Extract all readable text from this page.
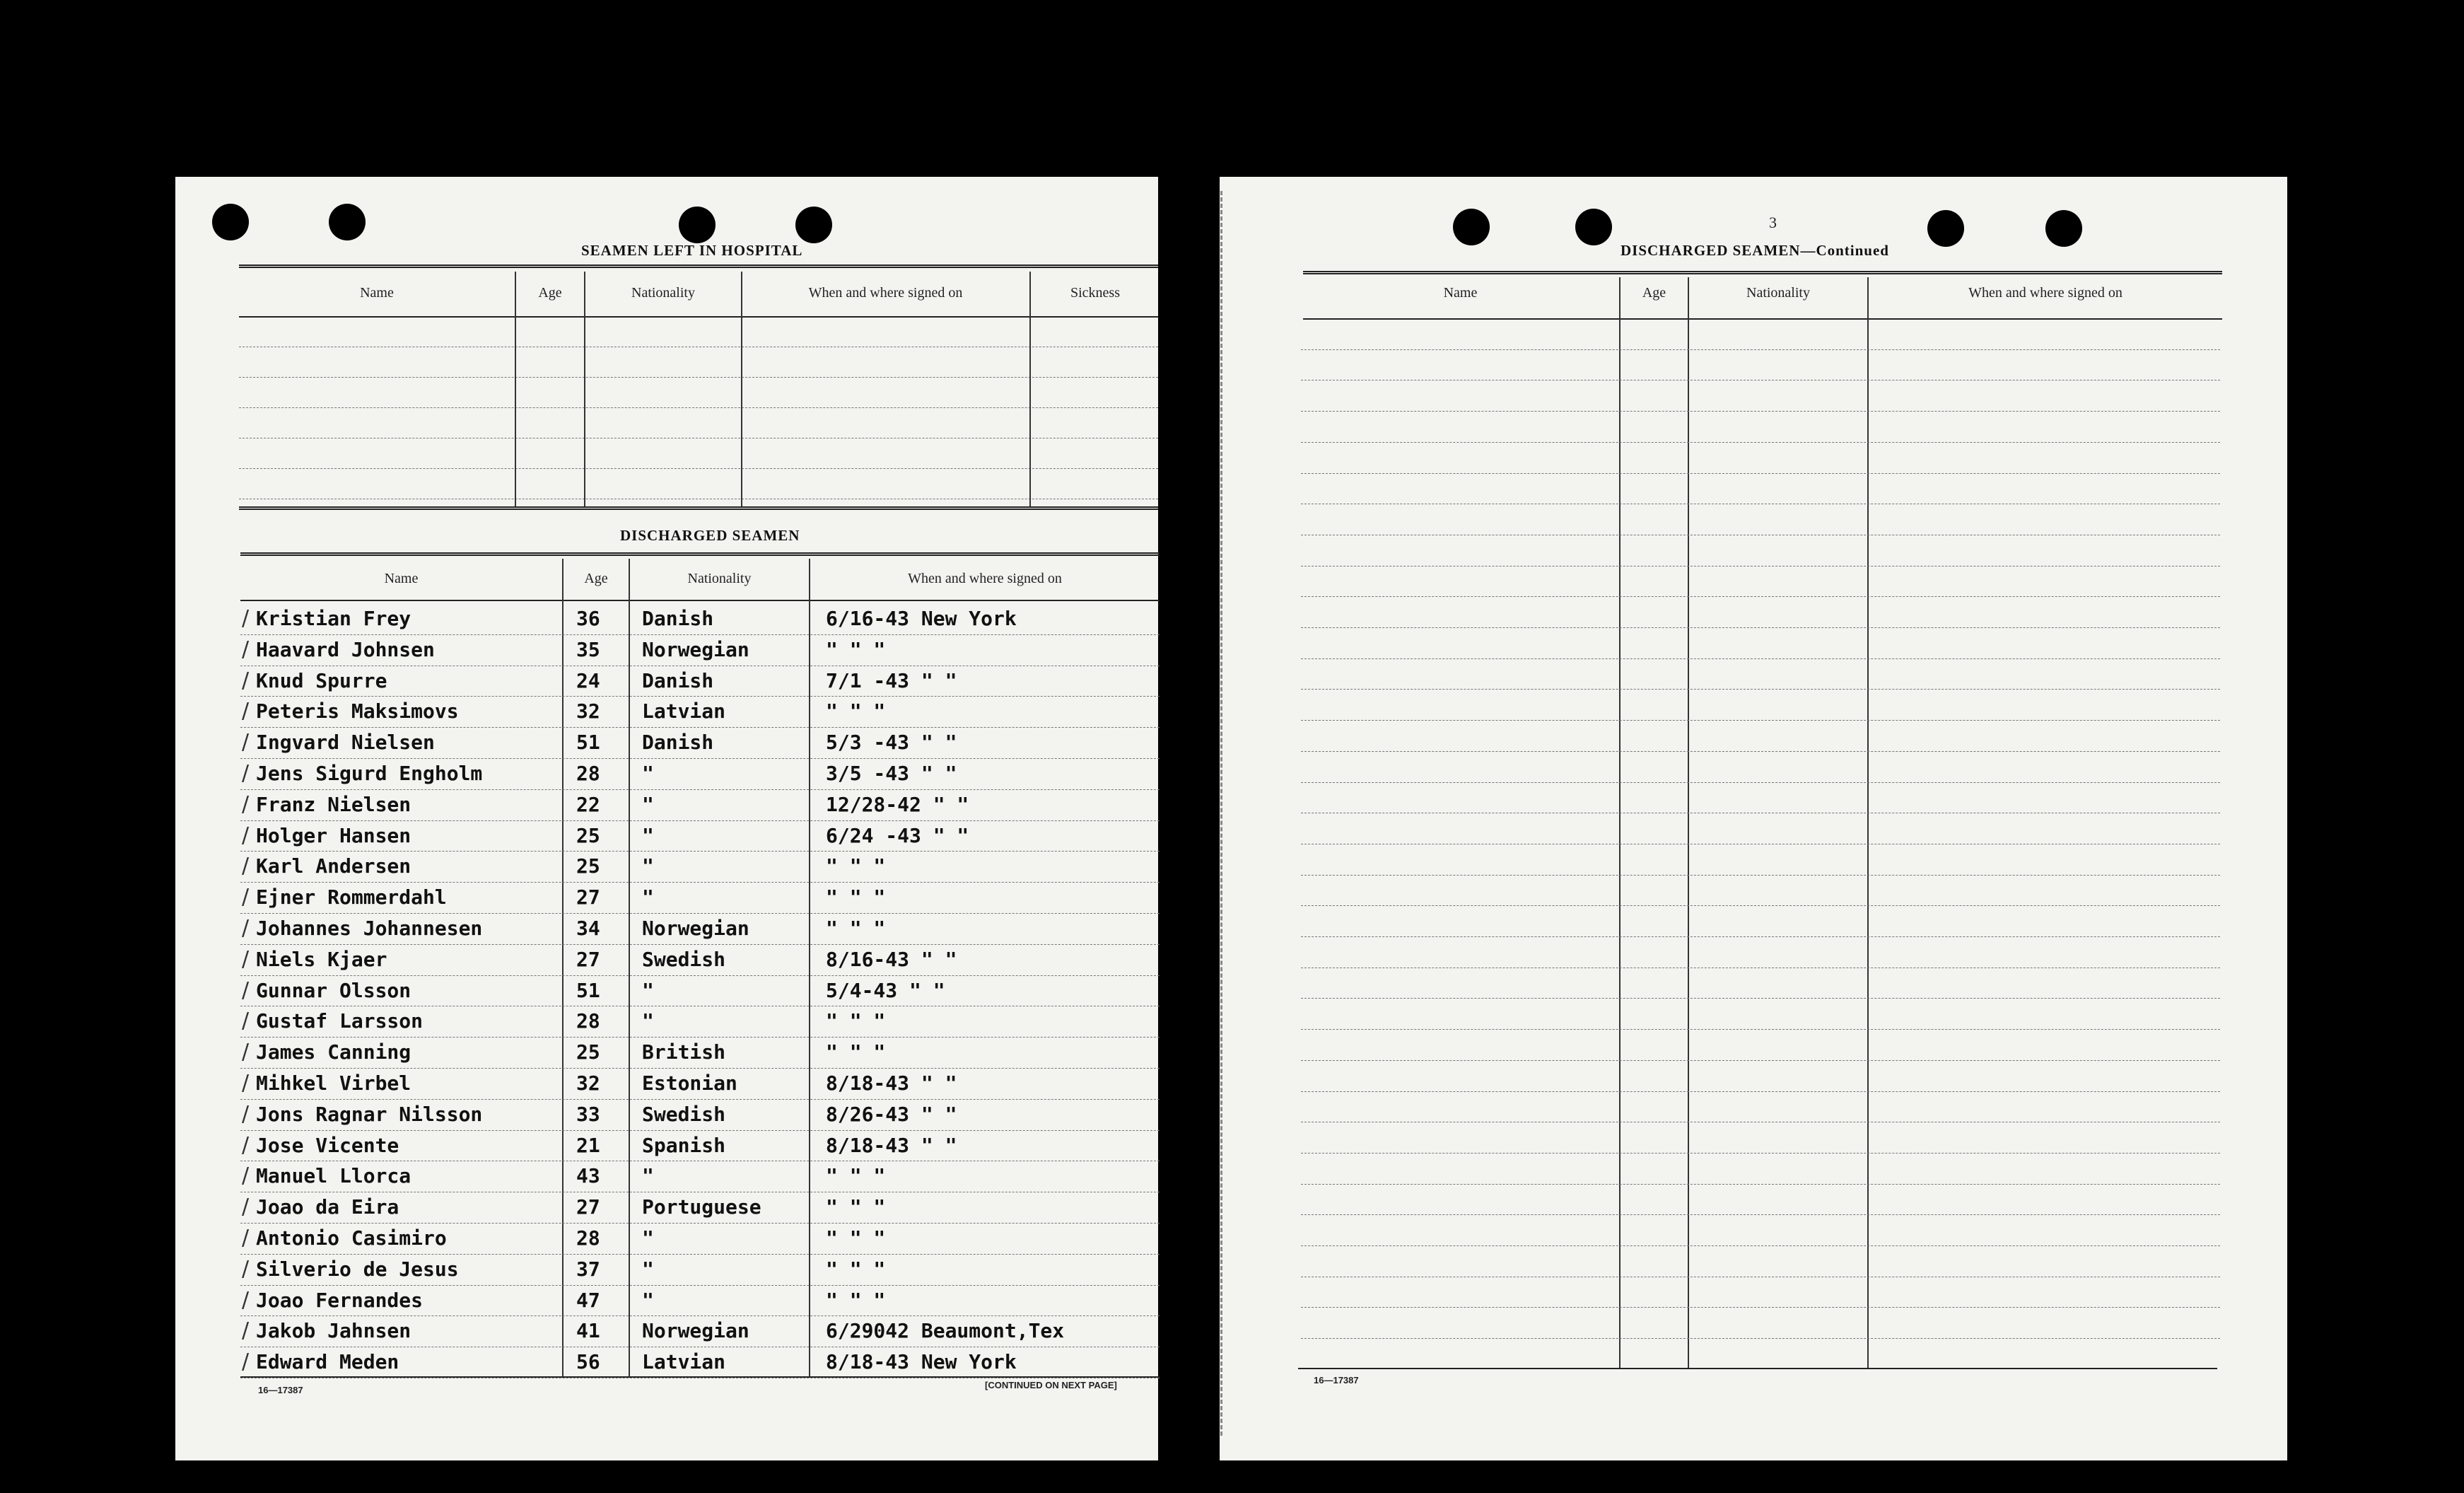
SEAMEN LEFT IN HOSPITAL
Name	Age	Nationality	When and where signed on	Sickness
DISCHARGED SEAMEN
Name	Age	Nationality	When and where signed on
/ Kristian Frey	36 Danish	6/16-43 New York
/ Haavard Johnsen	35 Norwegian	" " "
/ Knud Spurre	24 Danish	7/1 -43 " "
/ Peteris Maksimovs	32 Latvian	" " "
/ Ingvard Nielsen	51 Danish	5/3 -43 " "
/ Jens Sigurd Engholm	28 "	3/5 -43 " "
/ Franz Nielsen	22 "	12/28-42 " "
/ Holger Hansen	25 "	6/24 -43 " "
/ Karl Andersen	25 "	" " "
/ Ejner Rommerdahl	27 "	" " "
/ Johannes Johannesen	34 Norwegian	" " "
/ Niels Kjaer	27 Swedish	8/16-43 " "
/ Gunnar Olsson	51 "	5/4-43 " "
/ Gustaf Larsson	28 "	" " "
/ James Canning	25 British	" " "
/ Mihkel Virbel	32 Estonian	8/18-43 " "
/ Jons Ragnar Nilsson	33 Swedish	8/26-43 " "
/ Jose Vicente	21 Spanish	8/18-43 " "
/ Manuel Llorca	43 "	" " "
/ Joao da Eira	27 Portuguese	" " "
/ Antonio Casimiro	28 "	" " "
/ Silverio de Jesus	37 "	" " "
/ Joao Fernandes	47 "	" " "
/ Jakob Jahnsen	41 Norwegian	6/29042 Beaumont,Tex
/ Edward Meden	56 Latvian	8/18-43 New York
16—17387	[CONTINUED ON NEXT PAGE]
3
DISCHARGED SEAMEN—Continued
Name	Age	Nationality	When and where signed on
16—17387
